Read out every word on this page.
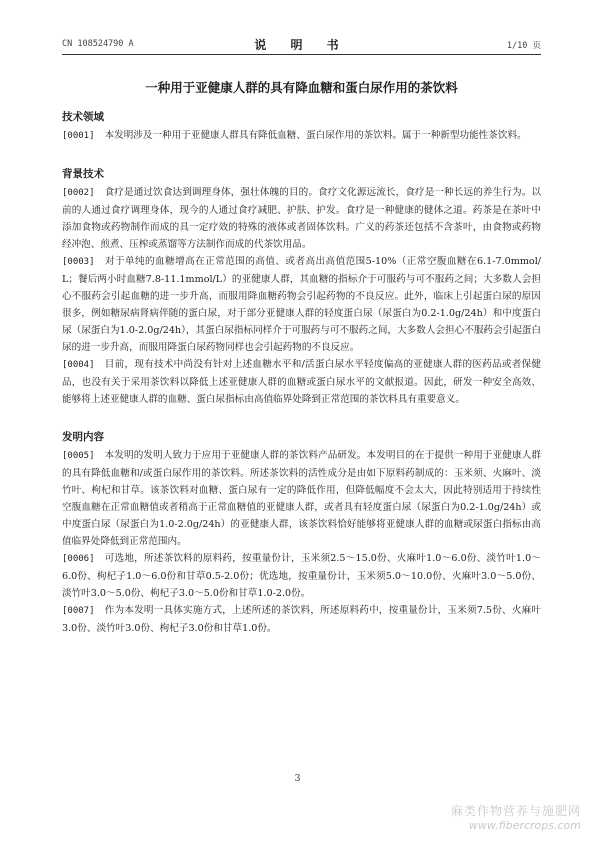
CN 108524790 A	说 明 书	1/10 页
一种用于亚健康人群的具有降血糖和蛋白尿作用的茶饮料
技术领域

[0001] 本发明涉及一种用于亚健康人群具有降低血糖、蛋白尿作用的茶饮料。属于一种新型功能性茶饮料。

背景技术

[0002] 食疗是通过饮食达到调理身体，强壮体魄的目的。食疗文化源远流长，食疗是一种长远的养生行为。以前的人通过食疗调理身体，现今的人通过食疗减肥、护肤、护发。食疗是一种健康的健体之道。药茶是在茶叶中添加食物或药物制作而成的具一定疗效的特殊的液体或者固体饮料。广义的药茶还包括不含茶叶，由食物或药物经冲泡、煎煮、压榨或蒸馏等方法制作而成的代茶饮用品。

[0003] 对于单纯的血糖增高在正常范围的高值、或者高出高值范围5-10%（正常空腹血糖在6.1-7.0mmol/L；餐后两小时血糖7.8-11.1mmol/L）的亚健康人群，其血糖的指标介于可服药与可不服药之间；大多数人会担心不服药会引起血糖的进一步升高，而服用降血糖药物会引起药物的不良反应。此外，临床上引起蛋白尿的原因很多，例如糖尿病肾病伴随的蛋白尿，对于部分亚健康人群的轻度蛋白尿（尿蛋白为0.2-1.0g/24h）和中度蛋白尿（尿蛋白为1.0-2.0g/24h），其蛋白尿指标同样介于可服药与可不服药之间，大多数人会担心不服药会引起蛋白尿的进一步升高，而服用降蛋白尿药物同样也会引起药物的不良反应。

[0004] 目前，现有技术中尚没有针对上述血糖水平和/活蛋白尿水平轻度偏高的亚健康人群的医药品或者保健品，也没有关于采用茶饮料以降低上述亚健康人群的血糖或蛋白尿水平的文献报道。因此，研发一种安全高效、能够将上述亚健康人群的血糖、蛋白尿指标由高值临界处降到正常范围的茶饮料具有重要意义。

发明内容

[0005] 本发明的发明人致力于应用于亚健康人群的茶饮料产品研发。本发明目的在于提供一种用于亚健康人群的具有降低血糖和/或蛋白尿作用的茶饮料。所述茶饮料的活性成分是由如下原料药制成的：玉米须、火麻叶、淡竹叶、枸杞和甘草。该茶饮料对血糖、蛋白尿有一定的降低作用，但降低幅度不会太大，因此特别适用于持续性空腹血糖在正常血糖值或者稍高于正常血糖值的亚健康人群，或者具有轻度蛋白尿（尿蛋白为0.2-1.0g/24h）或中度蛋白尿（尿蛋白为1.0-2.0g/24h）的亚健康人群，该茶饮料恰好能够将亚健康人群的血糖或尿蛋白指标由高值临界处降低到正常范围内。

[0006] 可选地，所述茶饮料的原料药，按重量份计，玉米须2.5～15.0份、火麻叶1.0～6.0份、淡竹叶1.0～6.0份、枸杞子1.0～6.0份和甘草0.5-2.0份；优选地，按重量份计，玉米须5.0～10.0份、火麻叶3.0～5.0份、淡竹叶3.0～5.0份、枸杞子3.0～5.0份和甘草1.0-2.0份。

[0007] 作为本发明一具体实施方式，上述所述的茶饮料，所述原料药中，按重量份计，玉米须7.5份、火麻叶3.0份、淡竹叶3.0份、枸杞子3.0份和甘草1.0份。

3
麻类作物营养与施肥网
www.fibercrops.com
